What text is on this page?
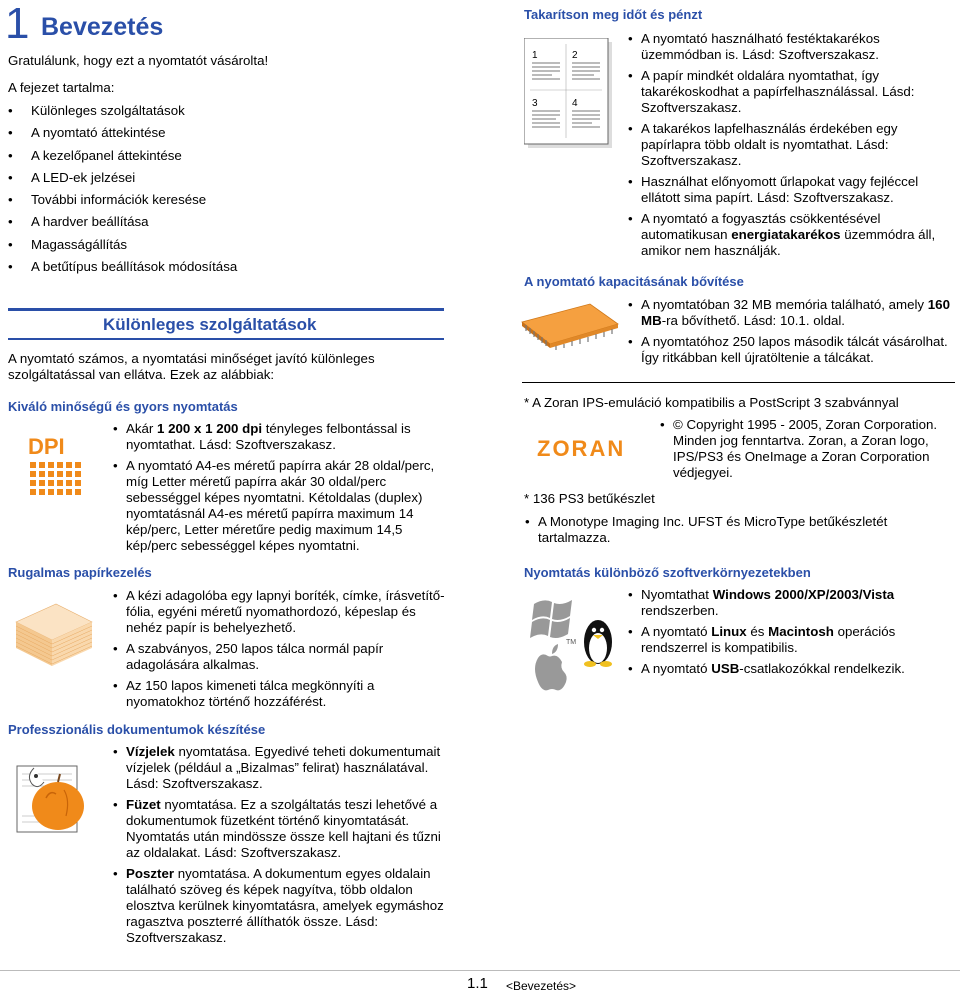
1 Bevezetés
Gratulálunk, hogy ezt a nyomtatót vásárolta!
A fejezet tartalma:
• Különleges szolgáltatások
• A nyomtató áttekintése
• A kezelőpanel áttekintése
• A LED-ek jelzései
• További információk keresése
• A hardver beállítása
• Magasságállítás
• A betűtípus beállítások módosítása
Különleges szolgáltatások
A nyomtató számos, a nyomtatási minőséget javító különleges szolgáltatással van ellátva. Ezek az alábbiak:
Kiváló minőségű és gyors nyomtatás
DPI
• Akár 1 200 x 1 200 dpi tényleges felbontással is nyomtathat. Lásd: Szoftverszakasz.
• A nyomtató A4-es méretű papírra akár 28 oldal/perc, míg Letter méretű papírra akár 30 oldal/perc sebességgel képes nyomtatni. Kétoldalas (duplex) nyomtatásnál A4-es méretű papírra maximum 14 kép/perc, Letter méretűre pedig maximum 14,5 kép/perc sebességgel képes nyomtatni.
Rugalmas papírkezelés
• A kézi adagolóba egy lapnyi boríték, címke, írásvetítő-fólia, egyéni méretű nyomathordozó, képeslap és nehéz papír is behelyezhető.
• A szabványos, 250 lapos tálca normál papír adagolására alkalmas.
• Az 150 lapos kimeneti tálca megkönnyíti a nyomatokhoz történő hozzáférést.
Professzionális dokumentumok készítése
• Vízjelek nyomtatása. Egyedivé teheti dokumentumait vízjelek (például a „Bizalmas” felirat) használatával. Lásd: Szoftverszakasz.
• Füzet nyomtatása. Ez a szolgáltatás teszi lehetővé a dokumentumok füzetként történő kinyomtatását. Nyomtatás után mindössze össze kell hajtani és tűzni az oldalakat. Lásd: Szoftverszakasz.
• Poszter nyomtatása. A dokumentum egyes oldalain található szöveg és képek nagyítva, több oldalon elosztva kerülnek kinyomtatásra, amelyek egymáshoz ragasztva poszterré állíthatók össze. Lásd: Szoftverszakasz.
Takarítson meg időt és pénzt
1	2
3	4
• A nyomtató használható festéktakarékos üzemmódban is. Lásd: Szoftverszakasz.
• A papír mindkét oldalára nyomtathat, így takarékoskodhat a papírfelhasználással. Lásd: Szoftverszakasz.
• A takarékos lapfelhasználás érdekében egy papírlapra több oldalt is nyomtathat. Lásd: Szoftverszakasz.
• Használhat előnyomott űrlapokat vagy fejléccel ellátott sima papírt. Lásd: Szoftverszakasz.
• A nyomtató a fogyasztás csökkentésével automatikusan energiatakarékos üzemmódra áll, amikor nem használják.
A nyomtató kapacitásának bővítése
• A nyomtatóban 32 MB memória található, amely 160 MB-ra bővíthető. Lásd: 10.1. oldal.
• A nyomtatóhoz 250 lapos második tálcát vásárolhat. Így ritkábban kell újratöltenie a tálcákat.
* A Zoran IPS-emuláció kompatibilis a PostScript 3 szabvánnyal
ZORAN
• © Copyright 1995 - 2005, Zoran Corporation. Minden jog fenntartva. Zoran, a Zoran logo, IPS/PS3 és OneImage a Zoran Corporation védjegyei.
* 136 PS3 betűkészlet
• A Monotype Imaging Inc. UFST és MicroType betűkészletét tartalmazza.
Nyomtatás különböző szoftverkörnyezetekben
TM
• Nyomtathat Windows 2000/XP/2003/Vista rendszerben.
• A nyomtató Linux és Macintosh operációs rendszerrel is kompatibilis.
• A nyomtató USB-csatlakozókkal rendelkezik.
1.1 <Bevezetés>
